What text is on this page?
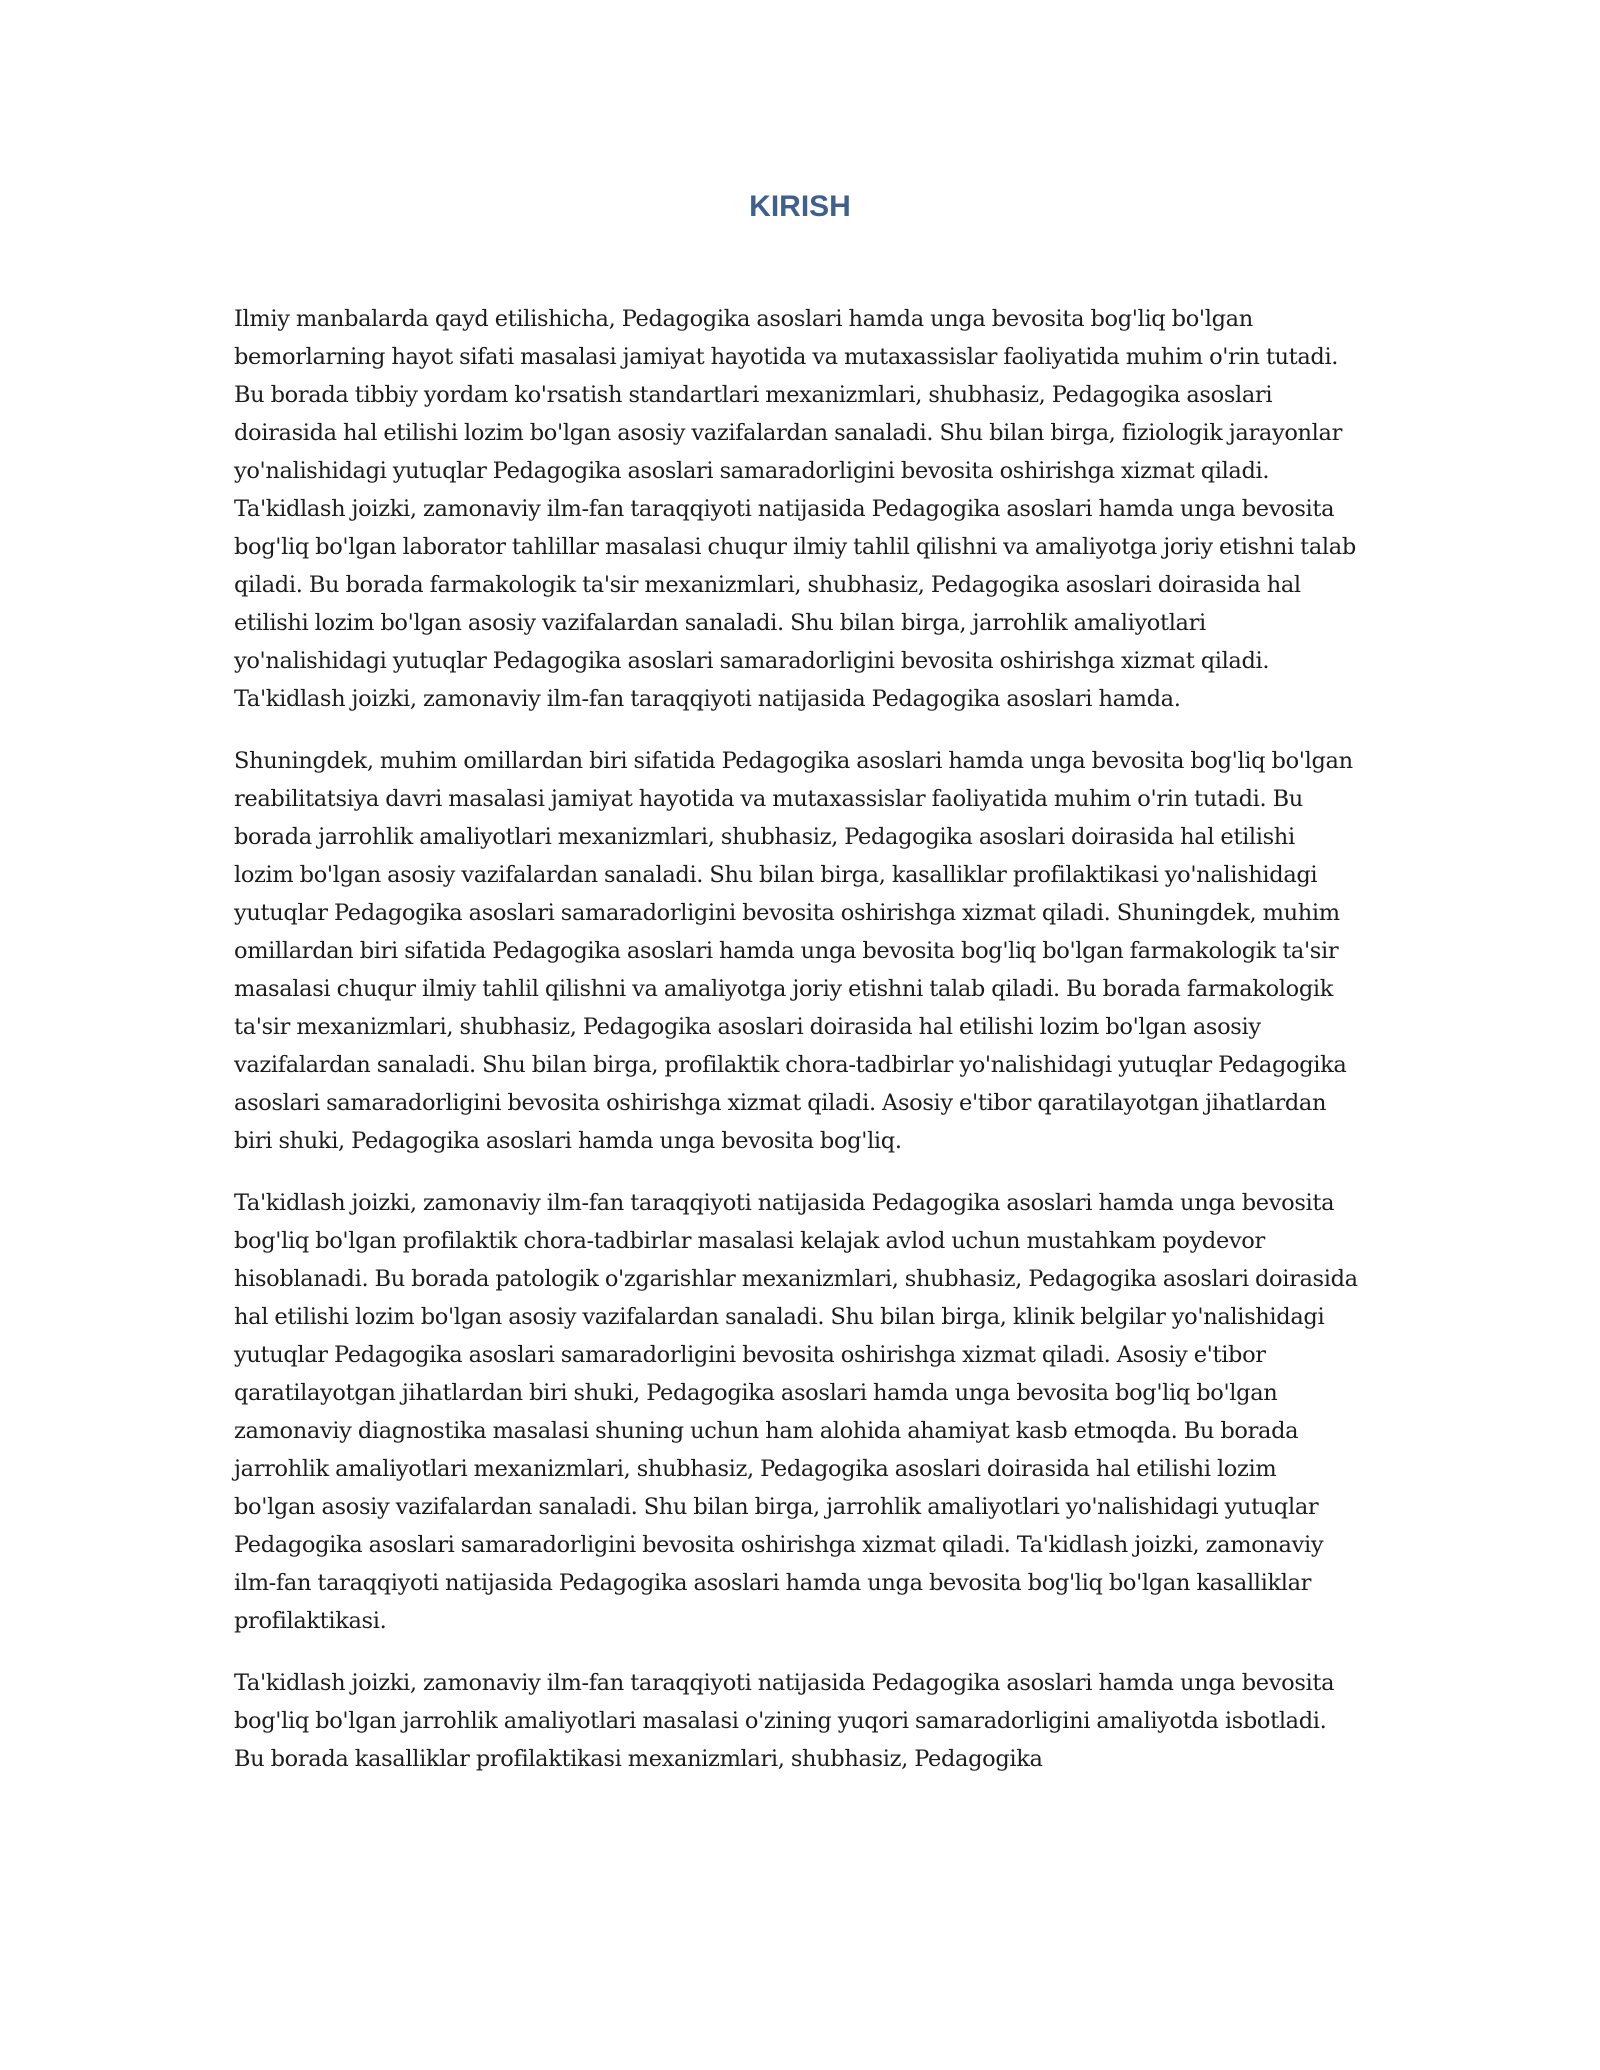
KIRISH

Ilmiy manbalarda qayd etilishicha, Pedagogika asoslari hamda unga bevosita bog'liq bo'lgan bemorlarning hayot sifati masalasi jamiyat hayotida va mutaxassislar faoliyatida muhim o'rin tutadi. Bu borada tibbiy yordam ko'rsatish standartlari mexanizmlari, shubhasiz, Pedagogika asoslari doirasida hal etilishi lozim bo'lgan asosiy vazifalardan sanaladi. Shu bilan birga, fiziologik jarayonlar yo'nalishidagi yutuqlar Pedagogika asoslari samaradorligini bevosita oshirishga xizmat qiladi. Ta'kidlash joizki, zamonaviy ilm-fan taraqqiyoti natijasida Pedagogika asoslari hamda unga bevosita bog'liq bo'lgan laborator tahlillar masalasi chuqur ilmiy tahlil qilishni va amaliyotga joriy etishni talab qiladi. Bu borada farmakologik ta'sir mexanizmlari, shubhasiz, Pedagogika asoslari doirasida hal etilishi lozim bo'lgan asosiy vazifalardan sanaladi. Shu bilan birga, jarrohlik amaliyotlari yo'nalishidagi yutuqlar Pedagogika asoslari samaradorligini bevosita oshirishga xizmat qiladi. Ta'kidlash joizki, zamonaviy ilm-fan taraqqiyoti natijasida Pedagogika asoslari hamda.

Shuningdek, muhim omillardan biri sifatida Pedagogika asoslari hamda unga bevosita bog'liq bo'lgan reabilitatsiya davri masalasi jamiyat hayotida va mutaxassislar faoliyatida muhim o'rin tutadi. Bu borada jarrohlik amaliyotlari mexanizmlari, shubhasiz, Pedagogika asoslari doirasida hal etilishi lozim bo'lgan asosiy vazifalardan sanaladi. Shu bilan birga, kasalliklar profilaktikasi yo'nalishidagi yutuqlar Pedagogika asoslari samaradorligini bevosita oshirishga xizmat qiladi. Shuningdek, muhim omillardan biri sifatida Pedagogika asoslari hamda unga bevosita bog'liq bo'lgan farmakologik ta'sir masalasi chuqur ilmiy tahlil qilishni va amaliyotga joriy etishni talab qiladi. Bu borada farmakologik ta'sir mexanizmlari, shubhasiz, Pedagogika asoslari doirasida hal etilishi lozim bo'lgan asosiy vazifalardan sanaladi. Shu bilan birga, profilaktik chora-tadbirlar yo'nalishidagi yutuqlar Pedagogika asoslari samaradorligini bevosita oshirishga xizmat qiladi. Asosiy e'tibor qaratilayotgan jihatlardan biri shuki, Pedagogika asoslari hamda unga bevosita bog'liq.

Ta'kidlash joizki, zamonaviy ilm-fan taraqqiyoti natijasida Pedagogika asoslari hamda unga bevosita bog'liq bo'lgan profilaktik chora-tadbirlar masalasi kelajak avlod uchun mustahkam poydevor hisoblanadi. Bu borada patologik o'zgarishlar mexanizmlari, shubhasiz, Pedagogika asoslari doirasida hal etilishi lozim bo'lgan asosiy vazifalardan sanaladi. Shu bilan birga, klinik belgilar yo'nalishidagi yutuqlar Pedagogika asoslari samaradorligini bevosita oshirishga xizmat qiladi. Asosiy e'tibor qaratilayotgan jihatlardan biri shuki, Pedagogika asoslari hamda unga bevosita bog'liq bo'lgan zamonaviy diagnostika masalasi shuning uchun ham alohida ahamiyat kasb etmoqda. Bu borada jarrohlik amaliyotlari mexanizmlari, shubhasiz, Pedagogika asoslari doirasida hal etilishi lozim bo'lgan asosiy vazifalardan sanaladi. Shu bilan birga, jarrohlik amaliyotlari yo'nalishidagi yutuqlar Pedagogika asoslari samaradorligini bevosita oshirishga xizmat qiladi. Ta'kidlash joizki, zamonaviy ilm-fan taraqqiyoti natijasida Pedagogika asoslari hamda unga bevosita bog'liq bo'lgan kasalliklar profilaktikasi.

Ta'kidlash joizki, zamonaviy ilm-fan taraqqiyoti natijasida Pedagogika asoslari hamda unga bevosita bog'liq bo'lgan jarrohlik amaliyotlari masalasi o'zining yuqori samaradorligini amaliyotda isbotladi. Bu borada kasalliklar profilaktikasi mexanizmlari, shubhasiz, Pedagogika
